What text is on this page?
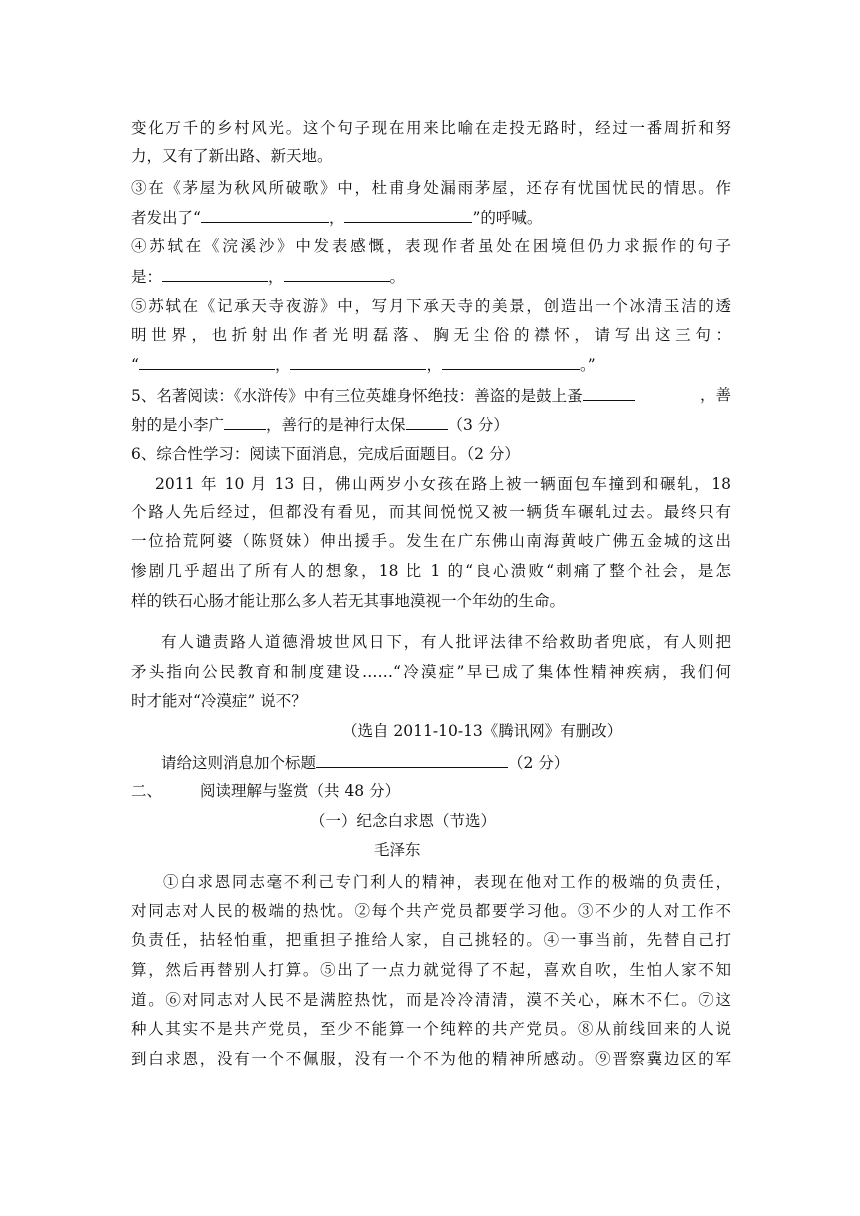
变化万千的乡村风光。这个句子现在用来比喻在走投无路时，经过一番周折和努
力，又有了新出路、新天地。
③在《茅屋为秋风所破歌》中，杜甫身处漏雨茅屋，还存有忧国忧民的情思。作
者发出了“	，	”的呼喊。
④苏轼在《浣溪沙》中发表感慨，表现作者虽处在困境但仍力求振作的句子
是：	，	。
⑤苏轼在《记承天寺夜游》中，写月下承天寺的美景，创造出一个冰清玉洁的透
明世界，也折射出作者光明磊落、胸无尘俗的襟怀，请写出这三句：
“	，	，	。”
5、名著阅读：《水浒传》中有三位英雄身怀绝技：善盗的是鼓上蚤	，善
射的是小李广	，善行的是神行太保	（3 分）
6、综合性学习：阅读下面消息，完成后面题目。（2 分）
2011 年 10 月 13 日，佛山两岁小女孩在路上被一辆面包车撞到和碾轧，18
个路人先后经过，但都没有看见，而其间悦悦又被一辆货车碾轧过去。最终只有
一位拾荒阿婆（陈贤妹）伸出援手。发生在广东佛山南海黄岐广佛五金城的这出
惨剧几乎超出了所有人的想象，18 比 1 的“良心溃败“刺痛了整个社会，是怎
样的铁石心肠才能让那么多人若无其事地漠视一个年幼的生命。
有人谴责路人道德滑坡世风日下，有人批评法律不给救助者兜底，有人则把
矛头指向公民教育和制度建设……“冷漠症”早已成了集体性精神疾病，我们何
时才能对“冷漠症” 说不？
（选自 2011-10-13《腾讯网》有删改）
请给这则消息加个标题	（2 分）
二、 阅读理解与鉴赏（共 48 分）
（一）纪念白求恩（节选）
毛泽东
①白求恩同志毫不利己专门利人的精神，表现在他对工作的极端的负责任，
对同志对人民的极端的热忱。②每个共产党员都要学习他。③不少的人对工作不
负责任，拈轻怕重，把重担子推给人家，自己挑轻的。④一事当前，先替自己打
算，然后再替别人打算。⑤出了一点力就觉得了不起，喜欢自吹，生怕人家不知
道。⑥对同志对人民不是满腔热忱，而是冷冷清清，漠不关心，麻木不仁。⑦这
种人其实不是共产党员，至少不能算一个纯粹的共产党员。⑧从前线回来的人说
到白求恩，没有一个不佩服，没有一个不为他的精神所感动。⑨晋察冀边区的军
